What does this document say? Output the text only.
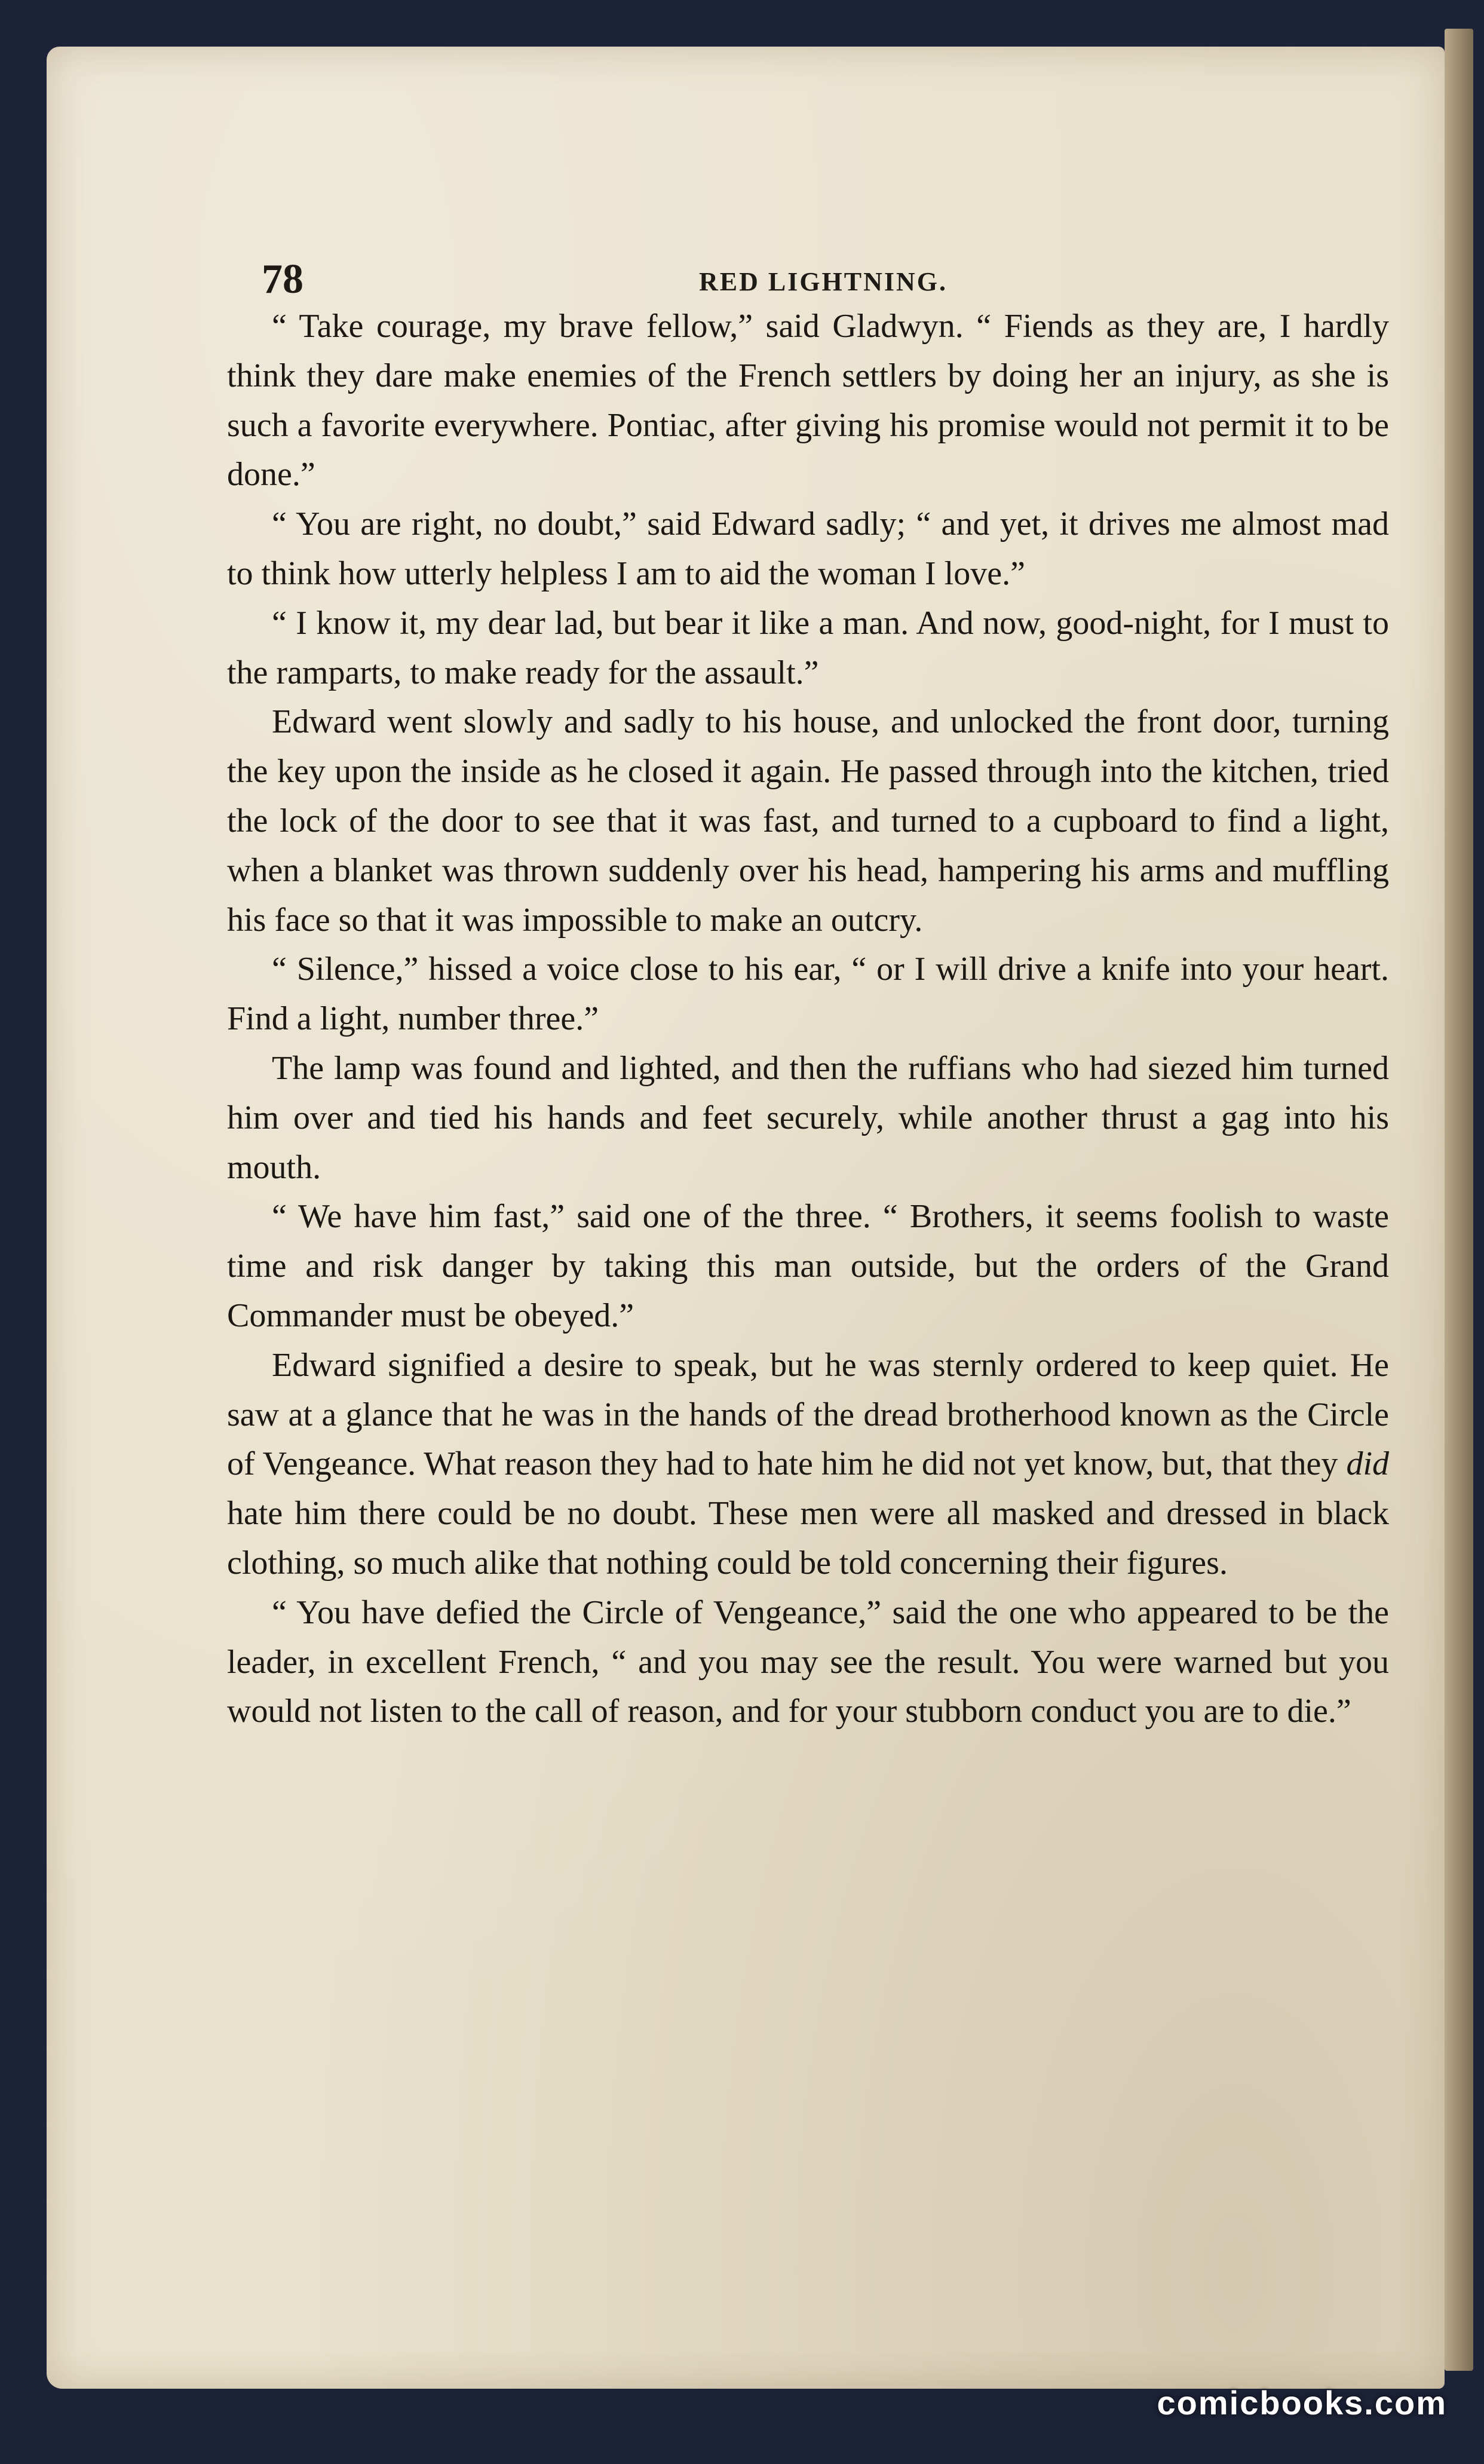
78	RED LIGHTNING.

“ Take courage, my brave fellow,” said Gladwyn. “ Fiends as they are, I hardly think they dare make enemies of the French settlers by doing her an injury, as she is such a favorite everywhere. Pontiac, after giving his promise would not permit it to be done.”

“ You are right, no doubt,” said Edward sadly; “ and yet, it drives me almost mad to think how utterly helpless I am to aid the woman I love.”

“ I know it, my dear lad, but bear it like a man. And now, good-night, for I must to the ramparts, to make ready for the assault.”

Edward went slowly and sadly to his house, and unlocked the front door, turning the key upon the inside as he closed it again. He passed through into the kitchen, tried the lock of the door to see that it was fast, and turned to a cupboard to find a light, when a blanket was thrown suddenly over his head, hampering his arms and muffling his face so that it was impossible to make an outcry.

“ Silence,” hissed a voice close to his ear, “ or I will drive a knife into your heart. Find a light, number three.”

The lamp was found and lighted, and then the ruffians who had siezed him turned him over and tied his hands and feet securely, while another thrust a gag into his mouth.

“ We have him fast,” said one of the three. “ Brothers, it seems foolish to waste time and risk danger by taking this man outside, but the orders of the Grand Commander must be obeyed.”

Edward signified a desire to speak, but he was sternly ordered to keep quiet. He saw at a glance that he was in the hands of the dread brotherhood known as the Circle of Vengeance. What reason they had to hate him he did not yet know, but, that they did hate him there could be no doubt. These men were all masked and dressed in black clothing, so much alike that nothing could be told concerning their figures.

“ You have defied the Circle of Vengeance,” said the one who appeared to be the leader, in excellent French, “ and you may see the result. You were warned but you would not listen to the call of reason, and for your stubborn conduct you are to die.”

comicbooks.com
